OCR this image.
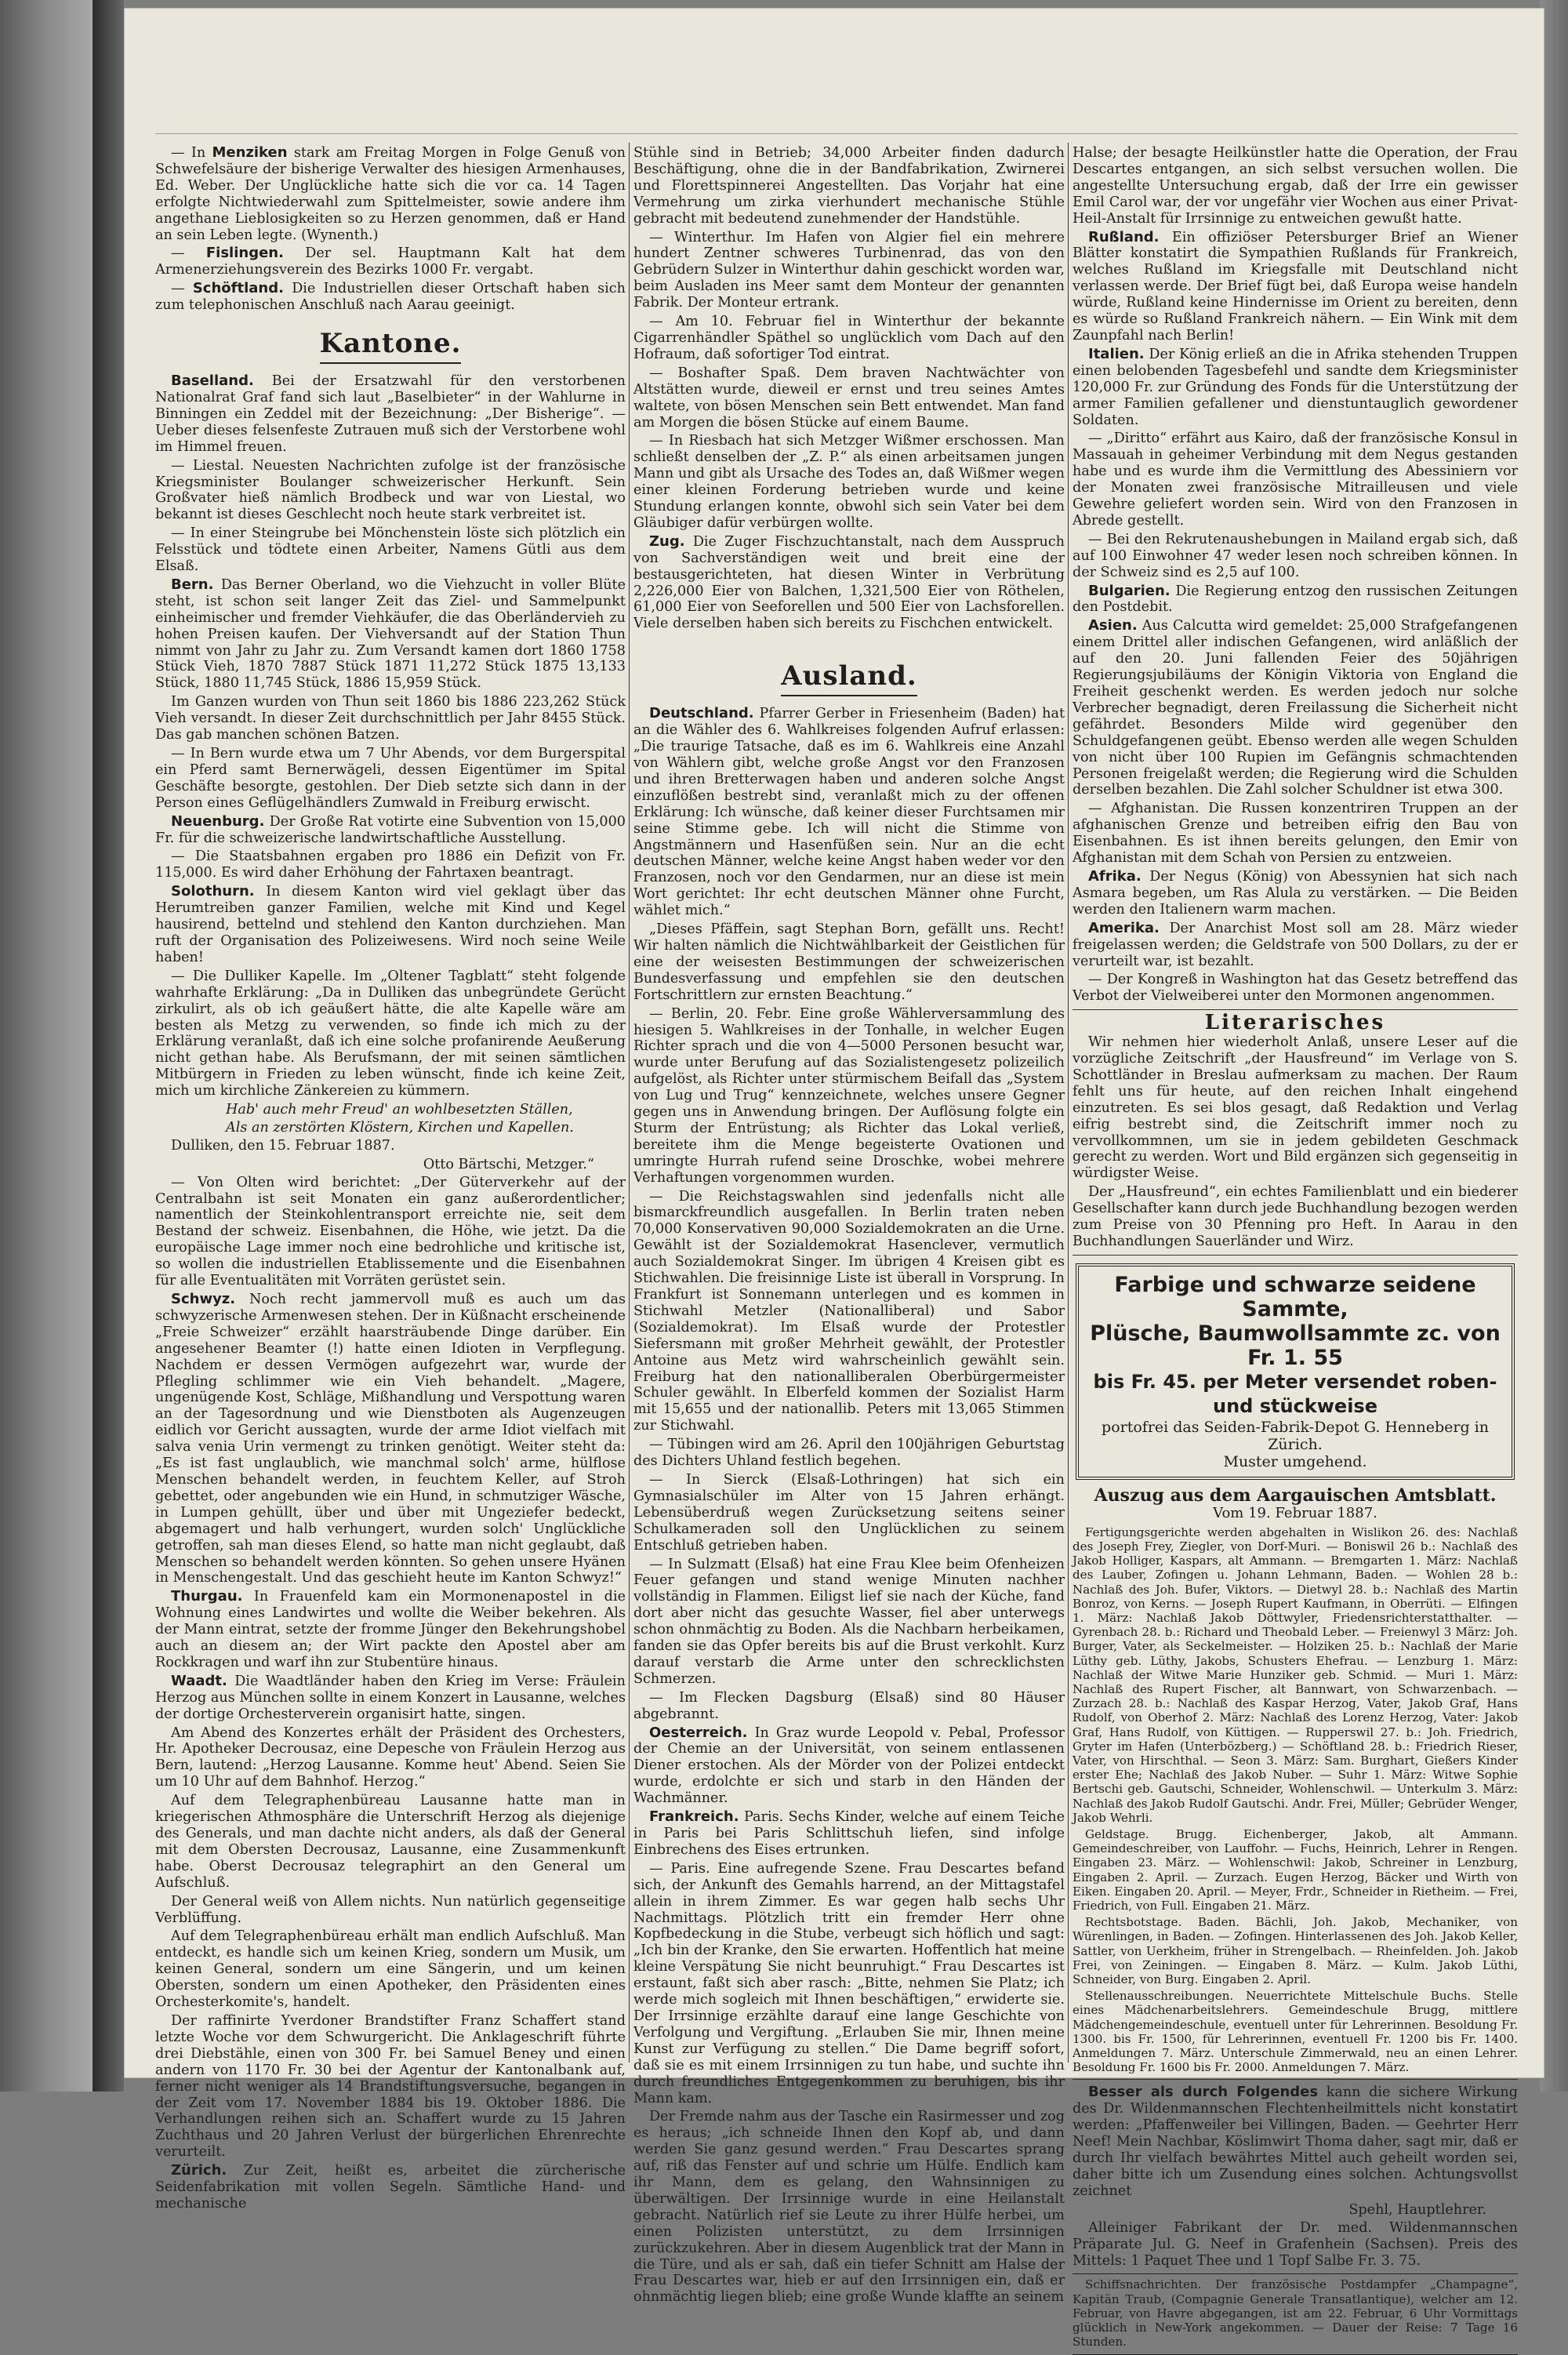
— In Menziken stark am Freitag Morgen in Folge Genuß von Schwefelsäure der bisherige Verwalter des hiesigen Armenhauses, Ed. Weber. Der Unglückliche hatte sich die vor ca. 14 Tagen erfolgte Nichtwiederwahl zum Spittelmeister, sowie andere ihm angethane Lieblosigkeiten so zu Herzen genommen, daß er Hand an sein Leben legte. (Wynenth.)

— Fislingen. Der sel. Hauptmann Kalt hat dem Armenerziehungsverein des Bezirks 1000 Fr. vergabt.

— Schöftland. Die Industriellen dieser Ortschaft haben sich zum telephonischen Anschluß nach Aarau geeinigt.

Kantone.

Baselland. Bei der Ersatzwahl für den verstorbenen Nationalrat Graf fand sich laut „Baselbieter“ in der Wahlurne in Binningen ein Zeddel mit der Bezeichnung: „Der Bisherige“. — Ueber dieses felsenfeste Zutrauen muß sich der Verstorbene wohl im Himmel freuen.

— Liestal. Neuesten Nachrichten zufolge ist der französische Kriegsminister Boulanger schweizerischer Herkunft. Sein Großvater hieß nämlich Brodbeck und war von Liestal, wo bekannt ist dieses Geschlecht noch heute stark verbreitet ist.

— In einer Steingrube bei Mönchenstein löste sich plötzlich ein Felsstück und tödtete einen Arbeiter, Namens Gütli aus dem Elsaß.

Bern. Das Berner Oberland, wo die Viehzucht in voller Blüte steht, ist schon seit langer Zeit das Ziel- und Sammelpunkt einheimischer und fremder Viehkäufer, die das Oberländervieh zu hohen Preisen kaufen. Der Viehversandt auf der Station Thun nimmt von Jahr zu Jahr zu. Zum Versandt kamen dort 1860 1758 Stück Vieh, 1870 7887 Stück 1871 11,272 Stück 1875 13,133 Stück, 1880 11,745 Stück, 1886 15,959 Stück.

Im Ganzen wurden von Thun seit 1860 bis 1886 223,262 Stück Vieh versandt. In dieser Zeit durchschnittlich per Jahr 8455 Stück. Das gab manchen schönen Batzen.

— In Bern wurde etwa um 7 Uhr Abends, vor dem Burgerspital ein Pferd samt Bernerwägeli, dessen Eigentümer im Spital Geschäfte besorgte, gestohlen. Der Dieb setzte sich dann in der Person eines Geflügelhändlers Zumwald in Freiburg erwischt.

Neuenburg. Der Große Rat votirte eine Subvention von 15,000 Fr. für die schweizerische landwirtschaftliche Ausstellung.

— Die Staatsbahnen ergaben pro 1886 ein Defizit von Fr. 115,000. Es wird daher Erhöhung der Fahrtaxen beantragt.

Solothurn. In diesem Kanton wird viel geklagt über das Herumtreiben ganzer Familien, welche mit Kind und Kegel hausirend, bettelnd und stehlend den Kanton durchziehen. Man ruft der Organisation des Polizeiwesens. Wird noch seine Weile haben!

— Die Dulliker Kapelle. Im „Oltener Tagblatt“ steht folgende wahrhafte Erklärung: „Da in Dulliken das unbegründete Gerücht zirkulirt, als ob ich geäußert hätte, die alte Kapelle wäre am besten als Metzg zu verwenden, so finde ich mich zu der Erklärung veranlaßt, daß ich eine solche profanirende Aeußerung nicht gethan habe. Als Berufsmann, der mit seinen sämtlichen Mitbürgern in Frieden zu leben wünscht, finde ich keine Zeit, mich um kirchliche Zänkereien zu kümmern.

Hab' auch mehr Freud' an wohlbesetzten Ställen,

Als an zerstörten Klöstern, Kirchen und Kapellen.

Dulliken, den 15. Februar 1887.

Otto Bärtschi, Metzger.“

— Von Olten wird berichtet: „Der Güterverkehr auf der Centralbahn ist seit Monaten ein ganz außerordentlicher; namentlich der Steinkohlentransport erreichte nie, seit dem Bestand der schweiz. Eisenbahnen, die Höhe, wie jetzt. Da die europäische Lage immer noch eine bedrohliche und kritische ist, so wollen die industriellen Etablissemente und die Eisenbahnen für alle Eventualitäten mit Vorräten gerüstet sein.

Schwyz. Noch recht jammervoll muß es auch um das schwyzerische Armenwesen stehen. Der in Küßnacht erscheinende „Freie Schweizer“ erzählt haarsträubende Dinge darüber. Ein angesehener Beamter (!) hatte einen Idioten in Verpflegung. Nachdem er dessen Vermögen aufgezehrt war, wurde der Pflegling schlimmer wie ein Vieh behandelt. „Magere, ungenügende Kost, Schläge, Mißhandlung und Verspottung waren an der Tagesordnung und wie Dienstboten als Augenzeugen eidlich vor Gericht aussagten, wurde der arme Idiot vielfach mit salva venia Urin vermengt zu trinken genötigt. Weiter steht da: „Es ist fast unglaublich, wie manchmal solch' arme, hülflose Menschen behandelt werden, in feuchtem Keller, auf Stroh gebettet, oder angebunden wie ein Hund, in schmutziger Wäsche, in Lumpen gehüllt, über und über mit Ungeziefer bedeckt, abgemagert und halb verhungert, wurden solch' Unglückliche getroffen, sah man dieses Elend, so hatte man nicht geglaubt, daß Menschen so behandelt werden könnten. So gehen unsere Hyänen in Menschengestalt. Und das geschieht heute im Kanton Schwyz!“

Thurgau. In Frauenfeld kam ein Mormonenapostel in die Wohnung eines Landwirtes und wollte die Weiber bekehren. Als der Mann eintrat, setzte der fromme Jünger den Bekehrungshobel auch an diesem an; der Wirt packte den Apostel aber am Rockkragen und warf ihn zur Stubentüre hinaus.

Waadt. Die Waadtländer haben den Krieg im Verse: Fräulein Herzog aus München sollte in einem Konzert in Lausanne, welches der dortige Orchesterverein organisirt hatte, singen.

Am Abend des Konzertes erhält der Präsident des Orchesters, Hr. Apotheker Decrousaz, eine Depesche von Fräulein Herzog aus Bern, lautend: „Herzog Lausanne. Komme heut' Abend. Seien Sie um 10 Uhr auf dem Bahnhof. Herzog.“

Auf dem Telegraphenbüreau Lausanne hatte man in kriegerischen Athmosphäre die Unterschrift Herzog als diejenige des Generals, und man dachte nicht anders, als daß der General mit dem Obersten Decrousaz, Lausanne, eine Zusammenkunft habe. Oberst Decrousaz telegraphirt an den General um Aufschluß.

Der General weiß von Allem nichts. Nun natürlich gegenseitige Verblüffung.

Auf dem Telegraphenbüreau erhält man endlich Aufschluß. Man entdeckt, es handle sich um keinen Krieg, sondern um Musik, um keinen General, sondern um eine Sängerin, und um keinen Obersten, sondern um einen Apotheker, den Präsidenten eines Orchesterkomite's, handelt.

Der raffinirte Yverdoner Brandstifter Franz Schaffert stand letzte Woche vor dem Schwurgericht. Die Anklageschrift führte drei Diebstähle, einen von 300 Fr. bei Samuel Beney und einen andern von 1170 Fr. 30 bei der Agentur der Kantonalbank auf, ferner nicht weniger als 14 Brandstiftungsversuche, begangen in der Zeit vom 17. November 1884 bis 19. Oktober 1886. Die Verhandlungen reihen sich an. Schaffert wurde zu 15 Jahren Zuchthaus und 20 Jahren Verlust der bürgerlichen Ehrenrechte verurteilt.

Zürich. Zur Zeit, heißt es, arbeitet die zürcherische Seidenfabrikation mit vollen Segeln. Sämtliche Hand- und mechanische

Stühle sind in Betrieb; 34,000 Arbeiter finden dadurch Beschäftigung, ohne die in der Bandfabrikation, Zwirnerei und Florettspinnerei Angestellten. Das Vorjahr hat eine Vermehrung um zirka vierhundert mechanische Stühle gebracht mit bedeutend zunehmender der Handstühle.

— Winterthur. Im Hafen von Algier fiel ein mehrere hundert Zentner schweres Turbinenrad, das von den Gebrüdern Sulzer in Winterthur dahin geschickt worden war, beim Ausladen ins Meer samt dem Monteur der genannten Fabrik. Der Monteur ertrank.

— Am 10. Februar fiel in Winterthur der bekannte Cigarrenhändler Späthel so unglücklich vom Dach auf den Hofraum, daß sofortiger Tod eintrat.

— Boshafter Spaß. Dem braven Nachtwächter von Altstätten wurde, dieweil er ernst und treu seines Amtes waltete, von bösen Menschen sein Bett entwendet. Man fand am Morgen die bösen Stücke auf einem Baume.

— In Riesbach hat sich Metzger Wißmer erschossen. Man schließt denselben der „Z. P.“ als einen arbeitsamen jungen Mann und gibt als Ursache des Todes an, daß Wißmer wegen einer kleinen Forderung betrieben wurde und keine Stundung erlangen konnte, obwohl sich sein Vater bei dem Gläubiger dafür verbürgen wollte.

Zug. Die Zuger Fischzuchtanstalt, nach dem Ausspruch von Sachverständigen weit und breit eine der bestausgerichteten, hat diesen Winter in Verbrütung 2,226,000 Eier von Balchen, 1,321,500 Eier von Röthelen, 61,000 Eier von Seeforellen und 500 Eier von Lachsforellen. Viele derselben haben sich bereits zu Fischchen entwickelt.

Ausland.

Deutschland. Pfarrer Gerber in Friesenheim (Baden) hat an die Wähler des 6. Wahlkreises folgenden Aufruf erlassen: „Die traurige Tatsache, daß es im 6. Wahlkreis eine Anzahl von Wählern gibt, welche große Angst vor den Franzosen und ihren Bretterwagen haben und anderen solche Angst einzuflößen bestrebt sind, veranlaßt mich zu der offenen Erklärung: Ich wünsche, daß keiner dieser Furchtsamen mir seine Stimme gebe. Ich will nicht die Stimme von Angstmännern und Hasenfüßen sein. Nur an die echt deutschen Männer, welche keine Angst haben weder vor den Franzosen, noch vor den Gendarmen, nur an diese ist mein Wort gerichtet: Ihr echt deutschen Männer ohne Furcht, wählet mich.“

„Dieses Pfäffein, sagt Stephan Born, gefällt uns. Recht! Wir halten nämlich die Nichtwählbarkeit der Geistlichen für eine der weisesten Bestimmungen der schweizerischen Bundesverfassung und empfehlen sie den deutschen Fortschrittlern zur ernsten Beachtung.“

— Berlin, 20. Febr. Eine große Wählerversammlung des hiesigen 5. Wahlkreises in der Tonhalle, in welcher Eugen Richter sprach und die von 4—5000 Personen besucht war, wurde unter Berufung auf das Sozialistengesetz polizeilich aufgelöst, als Richter unter stürmischem Beifall das „System von Lug und Trug“ kennzeichnete, welches unsere Gegner gegen uns in Anwendung bringen. Der Auflösung folgte ein Sturm der Entrüstung; als Richter das Lokal verließ, bereitete ihm die Menge begeisterte Ovationen und umringte Hurrah rufend seine Droschke, wobei mehrere Verhaftungen vorgenommen wurden.

— Die Reichstagswahlen sind jedenfalls nicht alle bismarckfreundlich ausgefallen. In Berlin traten neben 70,000 Konservativen 90,000 Sozialdemokraten an die Urne. Gewählt ist der Sozialdemokrat Hasenclever, vermutlich auch Sozialdemokrat Singer. Im übrigen 4 Kreisen gibt es Stichwahlen. Die freisinnige Liste ist überall in Vorsprung. In Frankfurt ist Sonnemann unterlegen und es kommen in Stichwahl Metzler (Nationalliberal) und Sabor (Sozialdemokrat). Im Elsaß wurde der Protestler Siefersmann mit großer Mehrheit gewählt, der Protestler Antoine aus Metz wird wahrscheinlich gewählt sein. Freiburg hat den nationalliberalen Oberbürgermeister Schuler gewählt. In Elberfeld kommen der Sozialist Harm mit 15,655 und der nationallib. Peters mit 13,065 Stimmen zur Stichwahl.

— Tübingen wird am 26. April den 100jährigen Geburtstag des Dichters Uhland festlich begehen.

— In Sierck (Elsaß-Lothringen) hat sich ein Gymnasialschüler im Alter von 15 Jahren erhängt. Lebensüberdruß wegen Zurücksetzung seitens seiner Schulkameraden soll den Unglücklichen zu seinem Entschluß getrieben haben.

— In Sulzmatt (Elsaß) hat eine Frau Klee beim Ofenheizen Feuer gefangen und stand wenige Minuten nachher vollständig in Flammen. Eiligst lief sie nach der Küche, fand dort aber nicht das gesuchte Wasser, fiel aber unterwegs schon ohnmächtig zu Boden. Als die Nachbarn herbeikamen, fanden sie das Opfer bereits bis auf die Brust verkohlt. Kurz darauf verstarb die Arme unter den schrecklichsten Schmerzen.

— Im Flecken Dagsburg (Elsaß) sind 80 Häuser abgebrannt.

Oesterreich. In Graz wurde Leopold v. Pebal, Professor der Chemie an der Universität, von seinem entlassenen Diener erstochen. Als der Mörder von der Polizei entdeckt wurde, erdolchte er sich und starb in den Händen der Wachmänner.

Frankreich. Paris. Sechs Kinder, welche auf einem Teiche in Paris bei Paris Schlittschuh liefen, sind infolge Einbrechens des Eises ertrunken.

— Paris. Eine aufregende Szene. Frau Descartes befand sich, der Ankunft des Gemahls harrend, an der Mittagstafel allein in ihrem Zimmer. Es war gegen halb sechs Uhr Nachmittags. Plötzlich tritt ein fremder Herr ohne Kopfbedeckung in die Stube, verbeugt sich höflich und sagt: „Ich bin der Kranke, den Sie erwarten. Hoffentlich hat meine kleine Verspätung Sie nicht beunruhigt.“ Frau Descartes ist erstaunt, faßt sich aber rasch: „Bitte, nehmen Sie Platz; ich werde mich sogleich mit Ihnen beschäftigen,“ erwiderte sie. Der Irrsinnige erzählte darauf eine lange Geschichte von Verfolgung und Vergiftung. „Erlauben Sie mir, Ihnen meine Kunst zur Verfügung zu stellen.“ Die Dame begriff sofort, daß sie es mit einem Irrsinnigen zu tun habe, und suchte ihn durch freundliches Entgegenkommen zu beruhigen, bis ihr Mann kam.

Der Fremde nahm aus der Tasche ein Rasirmesser und zog es heraus; „ich schneide Ihnen den Kopf ab, und dann werden Sie ganz gesund werden.“ Frau Descartes sprang auf, riß das Fenster auf und schrie um Hülfe. Endlich kam ihr Mann, dem es gelang, den Wahnsinnigen zu überwältigen. Der Irrsinnige wurde in eine Heilanstalt gebracht. Natürlich rief sie Leute zu ihrer Hülfe herbei, um einen Polizisten unterstützt, zu dem Irrsinnigen zurückzukehren. Aber in diesem Augenblick trat der Mann in die Türe, und als er sah, daß ein tiefer Schnitt am Halse der Frau Descartes war, hieb er auf den Irrsinnigen ein, daß er ohnmächtig liegen blieb; eine große Wunde klaffte an seinem

Halse; der besagte Heilkünstler hatte die Operation, der Frau Descartes entgangen, an sich selbst versuchen wollen. Die angestellte Untersuchung ergab, daß der Irre ein gewisser Emil Carol war, der vor ungefähr vier Wochen aus einer Privat-Heil-Anstalt für Irrsinnige zu entweichen gewußt hatte.

Rußland. Ein offiziöser Petersburger Brief an Wiener Blätter konstatirt die Sympathien Rußlands für Frankreich, welches Rußland im Kriegsfalle mit Deutschland nicht verlassen werde. Der Brief fügt bei, daß Europa weise handeln würde, Rußland keine Hindernisse im Orient zu bereiten, denn es würde so Rußland Frankreich nähern. — Ein Wink mit dem Zaunpfahl nach Berlin!

Italien. Der König erließ an die in Afrika stehenden Truppen einen belobenden Tagesbefehl und sandte dem Kriegsminister 120,000 Fr. zur Gründung des Fonds für die Unterstützung der armer Familien gefallener und dienstuntauglich gewordener Soldaten.

— „Diritto“ erfährt aus Kairo, daß der französische Konsul in Massauah in geheimer Verbindung mit dem Negus gestanden habe und es wurde ihm die Vermittlung des Abessiniern vor der Monaten zwei französische Mitrailleusen und viele Gewehre geliefert worden sein. Wird von den Franzosen in Abrede gestellt.

— Bei den Rekrutenaushebungen in Mailand ergab sich, daß auf 100 Einwohner 47 weder lesen noch schreiben können. In der Schweiz sind es 2,5 auf 100.

Bulgarien. Die Regierung entzog den russischen Zeitungen den Postdebit.

Asien. Aus Calcutta wird gemeldet: 25,000 Strafgefangenen einem Drittel aller indischen Gefangenen, wird anläßlich der auf den 20. Juni fallenden Feier des 50jährigen Regierungsjubiläums der Königin Viktoria von England die Freiheit geschenkt werden. Es werden jedoch nur solche Verbrecher begnadigt, deren Freilassung die Sicherheit nicht gefährdet. Besonders Milde wird gegenüber den Schuldgefangenen geübt. Ebenso werden alle wegen Schulden von nicht über 100 Rupien im Gefängnis schmachtenden Personen freigelaßt werden; die Regierung wird die Schulden derselben bezahlen. Die Zahl solcher Schuldner ist etwa 300.

— Afghanistan. Die Russen konzentriren Truppen an der afghanischen Grenze und betreiben eifrig den Bau von Eisenbahnen. Es ist ihnen bereits gelungen, den Emir von Afghanistan mit dem Schah von Persien zu entzweien.

Afrika. Der Negus (König) von Abessynien hat sich nach Asmara begeben, um Ras Alula zu verstärken. — Die Beiden werden den Italienern warm machen.

Amerika. Der Anarchist Most soll am 28. März wieder freigelassen werden; die Geldstrafe von 500 Dollars, zu der er verurteilt war, ist bezahlt.

— Der Kongreß in Washington hat das Gesetz betreffend das Verbot der Vielweiberei unter den Mormonen angenommen.

Literarisches

Wir nehmen hier wiederholt Anlaß, unsere Leser auf die vorzügliche Zeitschrift „der Hausfreund“ im Verlage von S. Schottländer in Breslau aufmerksam zu machen. Der Raum fehlt uns für heute, auf den reichen Inhalt eingehend einzutreten. Es sei blos gesagt, daß Redaktion und Verlag eifrig bestrebt sind, die Zeitschrift immer noch zu vervollkommnen, um sie in jedem gebildeten Geschmack gerecht zu werden. Wort und Bild ergänzen sich gegenseitig in würdigster Weise.

Der „Hausfreund“, ein echtes Familienblatt und ein biederer Gesellschafter kann durch jede Buchhandlung bezogen werden zum Preise von 30 Pfenning pro Heft. In Aarau in den Buchhandlungen Sauerländer und Wirz.

Farbige und schwarze seidene Sammte,
Plüsche, Baumwollsammte zc. von Fr. 1. 55
bis Fr. 45. per Meter versendet roben- und stückweise
portofrei das Seiden-Fabrik-Depot G. Henneberg in Zürich.
Muster umgehend.
Auszug aus dem Aargauischen Amtsblatt.
Vom 19. Februar 1887.

Fertigungsgerichte werden abgehalten in Wislikon 26. des: Nachlaß des Joseph Frey, Ziegler, von Dorf-Muri. — Boniswil 26 b.: Nachlaß des Jakob Holliger, Kaspars, alt Ammann. — Bremgarten 1. März: Nachlaß des Lauber, Zofingen u. Johann Lehmann, Baden. — Wohlen 28 b.: Nachlaß des Joh. Bufer, Viktors. — Dietwyl 28. b.: Nachlaß des Martin Bonroz, von Kerns. — Joseph Rupert Kaufmann, in Oberrüti. — Elfingen 1. März: Nachlaß Jakob Döttwyler, Friedensrichterstatthalter. — Gyrenbach 28. b.: Richard und Theobald Leber. — Freienwyl 3 März: Joh. Burger, Vater, als Seckelmeister. — Holziken 25. b.: Nachlaß der Marie Lüthy geb. Lüthy, Jakobs, Schusters Ehefrau. — Lenzburg 1. März: Nachlaß der Witwe Marie Hunziker geb. Schmid. — Muri 1. März: Nachlaß des Rupert Fischer, alt Bannwart, von Schwarzenbach. — Zurzach 28. b.: Nachlaß des Kaspar Herzog, Vater, Jakob Graf, Hans Rudolf, von Oberhof 2. März: Nachlaß des Lorenz Herzog, Vater: Jakob Graf, Hans Rudolf, von Küttigen. — Rupperswil 27. b.: Joh. Friedrich, Gryter im Hafen (Unterbözberg.) — Schöftland 28. b.: Friedrich Rieser, Vater, von Hirschthal. — Seon 3. März: Sam. Burghart, Gießers Kinder erster Ehe; Nachlaß des Jakob Nuber. — Suhr 1. März: Witwe Sophie Bertschi geb. Gautschi, Schneider, Wohlenschwil. — Unterkulm 3. März: Nachlaß des Jakob Rudolf Gautschi. Andr. Frei, Müller; Gebrüder Wenger, Jakob Wehrli.

Geldstage. Brugg. Eichenberger, Jakob, alt Ammann. Gemeindeschreiber, von Lauffohr. — Fuchs, Heinrich, Lehrer in Rengen. Eingaben 23. März. — Wohlenschwil: Jakob, Schreiner in Lenzburg, Eingaben 2. April. — Zurzach. Eugen Herzog, Bäcker und Wirth von Eiken. Eingaben 20. April. — Meyer, Frdr., Schneider in Rietheim. — Frei, Friedrich, von Full. Eingaben 21. März.

Rechtsbotstage. Baden. Bächli, Joh. Jakob, Mechaniker, von Würenlingen, in Baden. — Zofingen. Hinterlassenen des Joh. Jakob Keller, Sattler, von Uerkheim, früher in Strengelbach. — Rheinfelden. Joh. Jakob Frei, von Zeiningen. — Eingaben 8. März. — Kulm. Jakob Lüthi, Schneider, von Burg. Eingaben 2. April.

Stellenausschreibungen. Neuerrichtete Mittelschule Buchs. Stelle eines Mädchenarbeitslehrers. Gemeindeschule Brugg, mittlere Mädchengemeindeschule, eventuell unter für Lehrerinnen. Besoldung Fr. 1300. bis Fr. 1500, für Lehrerinnen, eventuell Fr. 1200 bis Fr. 1400. Anmeldungen 7. März. Unterschule Zimmerwald, neu an einen Lehrer. Besoldung Fr. 1600 bis Fr. 2000. Anmeldungen 7. März.

Besser als durch Folgendes kann die sichere Wirkung des Dr. Wildenmannschen Flechtenheilmittels nicht konstatirt werden: „Pfaffenweiler bei Villingen, Baden. — Geehrter Herr Neef! Mein Nachbar, Köslimwirt Thoma daher, sagt mir, daß er durch Ihr vielfach bewährtes Mittel auch geheilt worden sei, daher bitte ich um Zusendung eines solchen. Achtungsvollst zeichnet

Spehl, Hauptlehrer.

Alleiniger Fabrikant der Dr. med. Wildenmannschen Präparate Jul. G. Neef in Grafenhein (Sachsen). Preis des Mittels: 1 Paquet Thee und 1 Topf Salbe Fr. 3. 75.

Schiffsnachrichten. Der französische Postdampfer „Champagne“, Kapitän Traub, (Compagnie Generale Transatlantique), welcher am 12. Februar, von Havre abgegangen, ist am 22. Februar, 6 Uhr Vormittags glücklich in New-York angekommen. — Dauer der Reise: 7 Tage 16 Stunden.
